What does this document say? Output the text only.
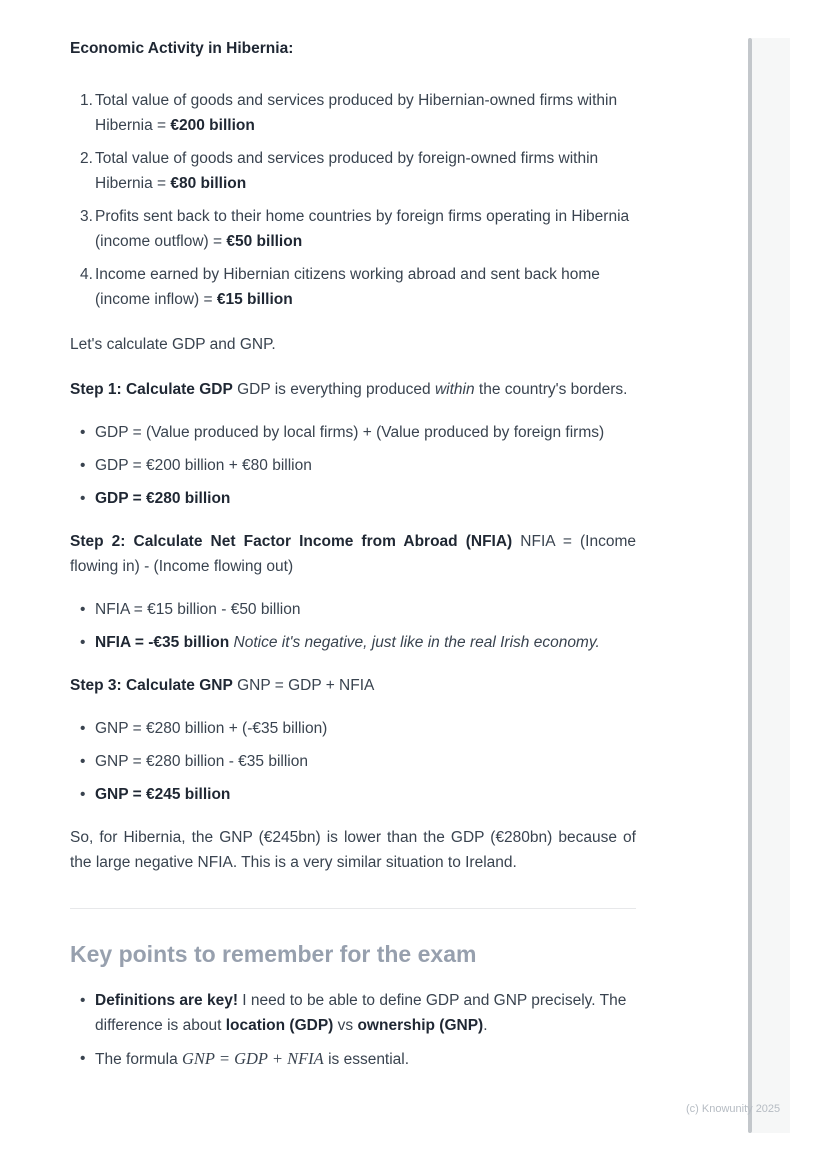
Economic Activity in Hibernia:
1. Total value of goods and services produced by Hibernian-owned firms within Hibernia = €200 billion
2. Total value of goods and services produced by foreign-owned firms within Hibernia = €80 billion
3. Profits sent back to their home countries by foreign firms operating in Hibernia (income outflow) = €50 billion
4. Income earned by Hibernian citizens working abroad and sent back home (income inflow) = €15 billion

Let's calculate GDP and GNP.

Step 1: Calculate GDP GDP is everything produced within the country's borders.

• GDP = (Value produced by local firms) + (Value produced by foreign firms)
• GDP = €200 billion + €80 billion
• GDP = €280 billion

Step 2: Calculate Net Factor Income from Abroad (NFIA) NFIA = (Income flowing in) - (Income flowing out)

• NFIA = €15 billion - €50 billion
• NFIA = -€35 billion Notice it's negative, just like in the real Irish economy.

Step 3: Calculate GNP GNP = GDP + NFIA

• GNP = €280 billion + (-€35 billion)
• GNP = €280 billion - €35 billion
• GNP = €245 billion

So, for Hibernia, the GNP (€245bn) is lower than the GDP (€280bn) because of the large negative NFIA. This is a very similar situation to Ireland.

Key points to remember for the exam
• Definitions are key! I need to be able to define GDP and GNP precisely. The difference is about location (GDP) vs ownership (GNP).
• The formula GNP = GDP + NFIA is essential.
(c) Knowunity 2025
